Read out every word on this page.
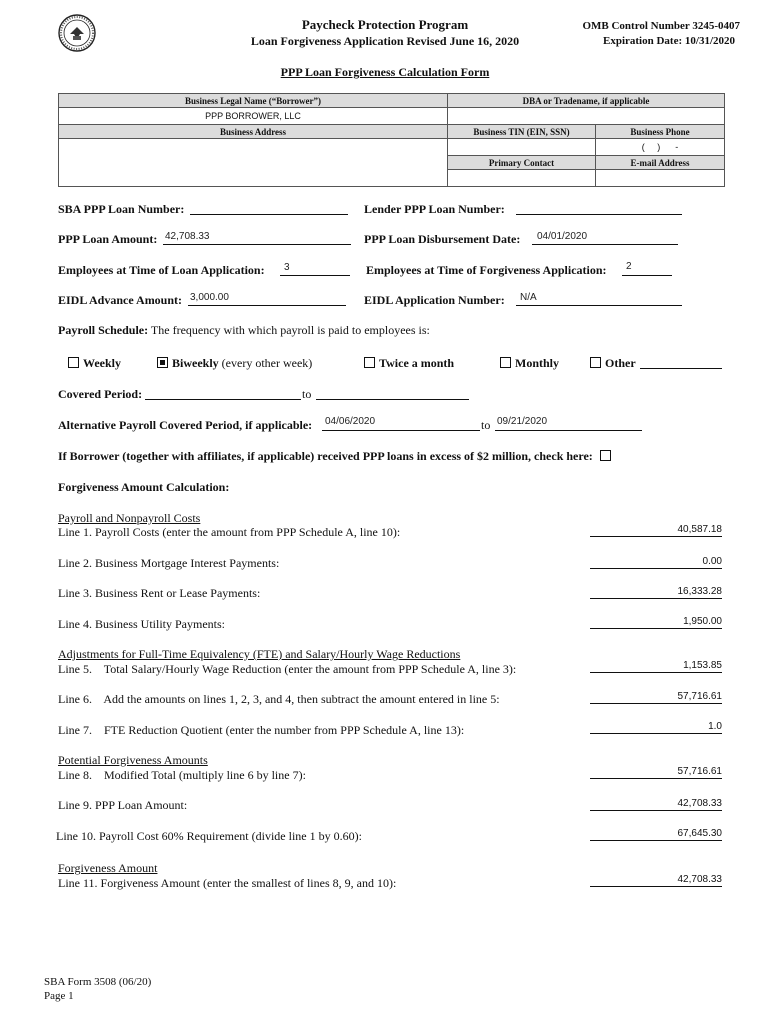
Paycheck Protection Program
Loan Forgiveness Application Revised June 16, 2020
OMB Control Number 3245-0407
Expiration Date: 10/31/2020
PPP Loan Forgiveness Calculation Form
Business Legal Name (“Borrower”)	DBA or Tradename, if applicable	
PPP BORROWER, LLC		
Business Address	Business TIN (EIN, SSN)	Business Phone
		(     )      -
	Primary Contact	E-mail Address

SBA PPP Loan Number:	Lender PPP Loan Number:
PPP Loan Amount: 42,708.33	PPP Loan Disbursement Date: 04/01/2020
Employees at Time of Loan Application: 3	Employees at Time of Forgiveness Application: 2
EIDL Advance Amount: 3,000.00	EIDL Application Number: N/A
Payroll Schedule: The frequency with which payroll is paid to employees is:
Weekly	Biweekly (every other week)	Twice a month	Monthly	Other
Covered Period:	to
Alternative Payroll Covered Period, if applicable: 04/06/2020	to 09/21/2020
If Borrower (together with affiliates, if applicable) received PPP loans in excess of $2 million, check here:
Forgiveness Amount Calculation:
Payroll and Nonpayroll Costs
Adjustments for Full-Time Equivalency (FTE) and Salary/Hourly Wage Reductions
Potential Forgiveness Amounts
Forgiveness Amount
Line 1. Payroll Costs (enter the amount from PPP Schedule A, line 10):	40,587.18
Line 2. Business Mortgage Interest Payments:	0.00
Line 3. Business Rent or Lease Payments:	16,333.28
Line 4. Business Utility Payments:	1,950.00
Line 5.    Total Salary/Hourly Wage Reduction (enter the amount from PPP Schedule A, line 3):	1,153.85
Line 6.    Add the amounts on lines 1, 2, 3, and 4, then subtract the amount entered in line 5:	57,716.61
Line 7.    FTE Reduction Quotient (enter the number from PPP Schedule A, line 13):	1.0
Line 8.    Modified Total (multiply line 6 by line 7):	57,716.61
Line 9. PPP Loan Amount:	42,708.33
Line 10. Payroll Cost 60% Requirement (divide line 1 by 0.60):	67,645.30
Line 11. Forgiveness Amount (enter the smallest of lines 8, 9, and 10):	42,708.33
SBA Form 3508 (06/20)
Page 1
